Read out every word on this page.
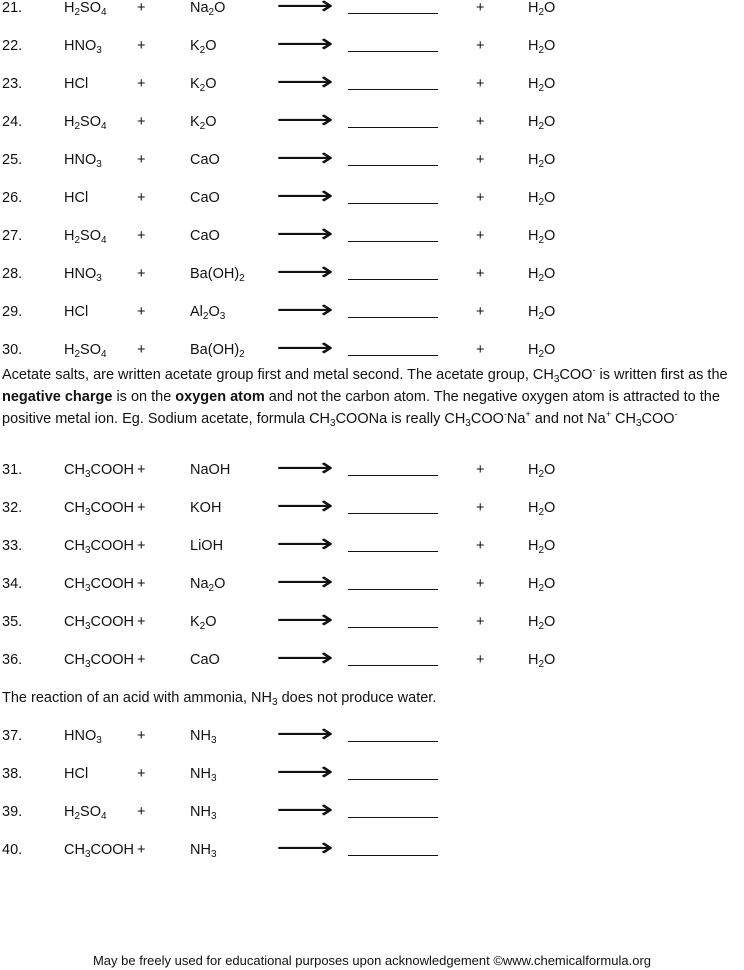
21.	$H_2SO_4$ +	$Na_2O$ ⟶	+	$H_2O$
22.	$HNO_3$ +	$K_2O$ ⟶	+	$H_2O$
23.	HCl	+	$K_2O$ ⟶	+	$H_2O$
24.	$H_2SO_4$ +	$K_2O$ ⟶	+	$H_2O$
25.	$HNO_3$ +	CaO ⟶	+	$H_2O$
26.	HCl	+	CaO ⟶	+	$H_2O$
27.	$H_2SO_4$ +	CaO ⟶	+	$H_2O$
28.	$HNO_3$ +	$Ba(OH)_2$ ⟶	+	$H_2O$
29.	HCl	+	$Al_2O_3$ ⟶	+	$H_2O$
30.	$H_2SO_4$ +	$Ba(OH)_2$ ⟶	+	$H_2O$

Acetate salts, are written acetate group first and metal second. The acetate group, $CH_3COO^-$ is written first as the negative charge is on the oxygen atom and not the carbon atom. The negative oxygen atom is attracted to the positive metal ion. Eg. Sodium acetate, formula $CH_3COONa$ is really $CH_3COO^-Na^+$ and not Na+ $CH_3COO^-$

31.	$CH_3COOH$ +	NaOH ⟶	+	$H_2O$
32.	$CH_3COOH$ +	KOH ⟶	+	$H_2O$
33.	$CH_3COOH$ +	LiOH ⟶	+	$H_2O$
34.	$CH_3COOH$ +	$Na_2O$ ⟶	+	$H_2O$
35.	$CH_3COOH$ +	$K_2O$ ⟶	+	$H_2O$
36.	$CH_3COOH$ +	CaO ⟶	+	$H_2O$
The reaction of an acid with ammonia, $NH_3$ does not produce water.
37.	$HNO_3$ +	$NH_3$ ⟶
38.	HCl	+	$NH_3$ ⟶
39.	$H_2SO_4$ +	$NH_3$ ⟶
40.	$CH_3COOH$ +	$NH_3$ ⟶
May be freely used for educational purposes upon acknowledgement ©www.chemicalformula.org
